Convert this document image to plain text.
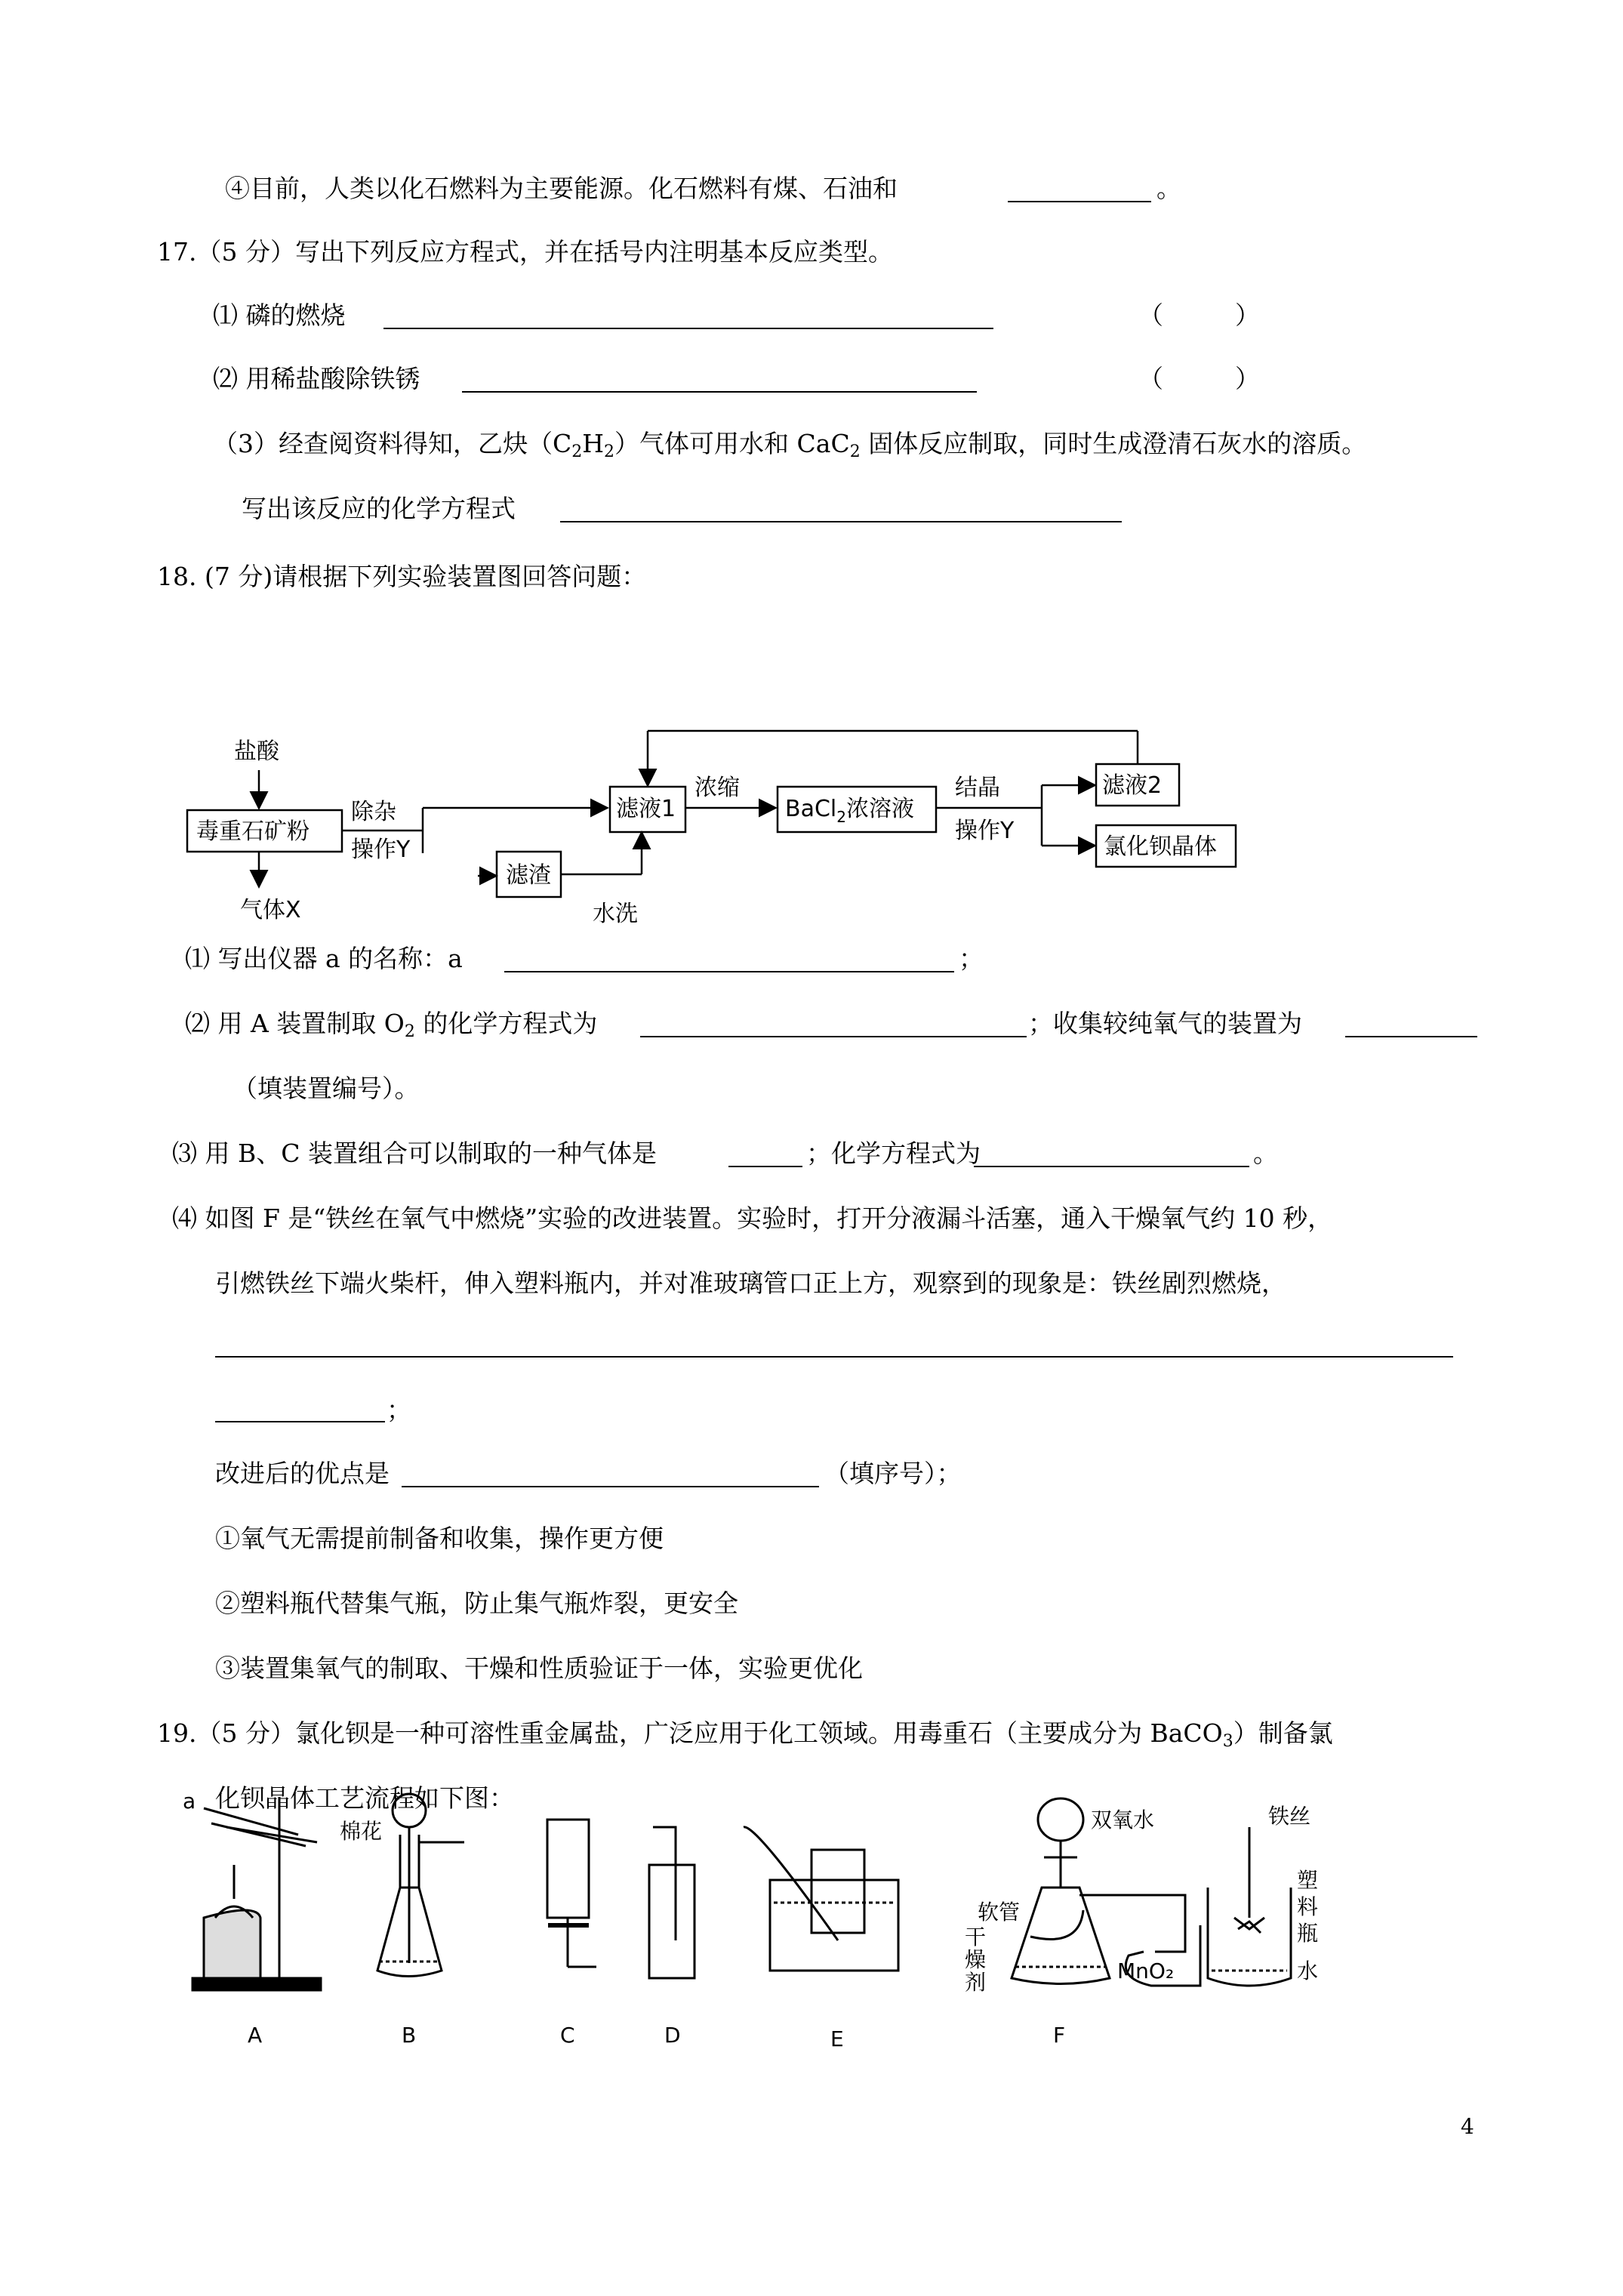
④目前，人类以化石燃料为主要能源。化石燃料有煤、石油和	。
17.（5 分）写出下列反应方程式，并在括号内注明基本反应类型。
⑴ 磷的燃烧	（	）
⑵ 用稀盐酸除铁锈	（	）
（3）经查阅资料得知，乙炔$(C_2H_2)$气体可用水和 CaC$_2$ 固体反应制取，同时生成澄清石灰水的溶质。
写出该反应的化学方程式
18. (7 分)请根据下列实验装置图回答问题：
盐酸
毒重石矿粉
气体X
除杂
操作Y
滤渣
水洗
滤液1
浓缩
BaCl$_2$浓溶液
结晶
操作Y
滤液2
氯化钡晶体
⑴ 写出仪器 a 的名称：a	；
⑵ 用 A 装置制取 $O_2$ 的化学方程式为	；收集较纯氧气的装置为
（填装置编号）。
⑶ 用 B、C 装置组合可以制取的一种气体是	；化学方程式为	。
⑷ 如图 F 是“铁丝在氧气中燃烧”实验的改进装置。实验时，打开分液漏斗活塞，通入干燥氧气约 10 秒，
引燃铁丝下端火柴杆，伸入塑料瓶内，并对准玻璃管口正上方，观察到的现象是：铁丝剧烈燃烧，
；
改进后的优点是	（填序号）；
①氧气无需提前制备和收集，操作更方便
②塑料瓶代替集气瓶，防止集气瓶炸裂，更安全
③装置集氧气的制取、干燥和性质验证于一体，实验更优化
19.（5 分）氯化钡是一种可溶性重金属盐，广泛应用于化工领域。用毒重石（主要成分为 BaCO$_3$）制备氯
化钡晶体工艺流程如下图：
a
棉花	双氧水
软管
干
燥
剂	MnO₂
铁丝
塑
料
瓶
水
A	B	C	D	E	F
4
